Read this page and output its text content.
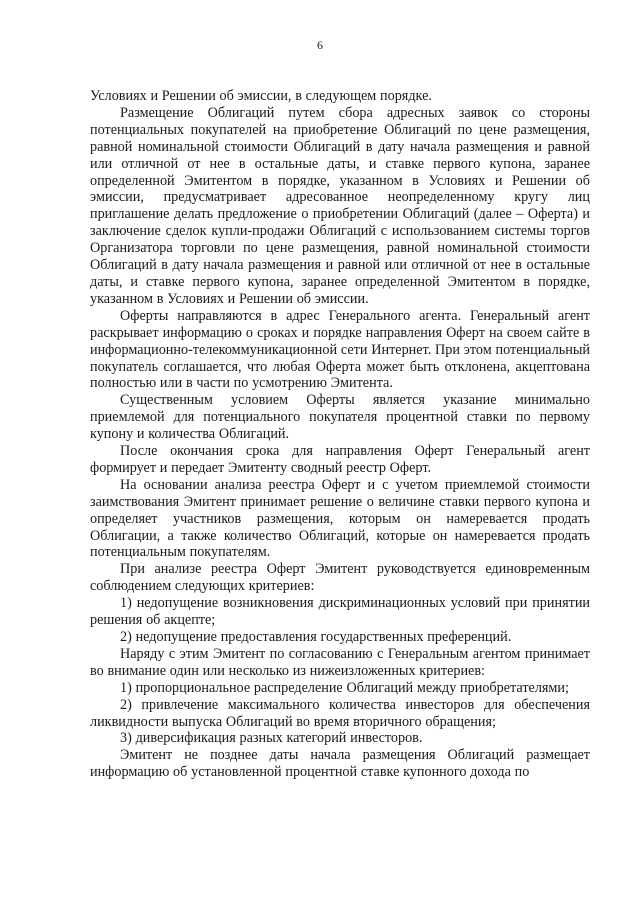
6

Условиях и Решении об эмиссии, в следующем порядке.

Размещение Облигаций путем сбора адресных заявок со стороны потенциальных покупателей на приобретение Облигаций по цене размещения, равной номинальной стоимости Облигаций в дату начала размещения и равной или отличной от нее в остальные даты, и ставке первого купона, заранее определенной Эмитентом в порядке, указанном в Условиях и Решении об эмиссии, предусматривает адресованное неопределенному кругу лиц приглашение делать предложение о приобретении Облигаций (далее – Оферта) и заключение сделок купли-продажи Облигаций с использованием системы торгов Организатора торговли по цене размещения, равной номинальной стоимости Облигаций в дату начала размещения и равной или отличной от нее в остальные даты, и ставке первого купона, заранее определенной Эмитентом в порядке, указанном в Условиях и Решении об эмиссии.

Оферты направляются в адрес Генерального агента. Генеральный агент раскрывает информацию о сроках и порядке направления Оферт на своем сайте в информационно-телекоммуникационной сети Интернет. При этом потенциальный покупатель соглашается, что любая Оферта может быть отклонена, акцептована полностью или в части по усмотрению Эмитента.

Существенным условием Оферты является указание минимально приемлемой для потенциального покупателя процентной ставки по первому купону и количества Облигаций.

После окончания срока для направления Оферт Генеральный агент формирует и передает Эмитенту сводный реестр Оферт.

На основании анализа реестра Оферт и с учетом приемлемой стоимости заимствования Эмитент принимает решение о величине ставки первого купона и определяет участников размещения, которым он намеревается продать Облигации, а также количество Облигаций, которые он намеревается продать потенциальным покупателям.

При анализе реестра Оферт Эмитент руководствуется единовременным соблюдением следующих критериев:

1) недопущение возникновения дискриминационных условий при принятии решения об акцепте;

2) недопущение предоставления государственных преференций.

Наряду с этим Эмитент по согласованию с Генеральным агентом принимает во внимание один или несколько из нижеизложенных критериев:

1) пропорциональное распределение Облигаций между приобретателями;

2) привлечение максимального количества инвесторов для обеспечения ликвидности выпуска Облигаций во время вторичного обращения;

3) диверсификация разных категорий инвесторов.

Эмитент не позднее даты начала размещения Облигаций размещает информацию об установленной процентной ставке купонного дохода по
